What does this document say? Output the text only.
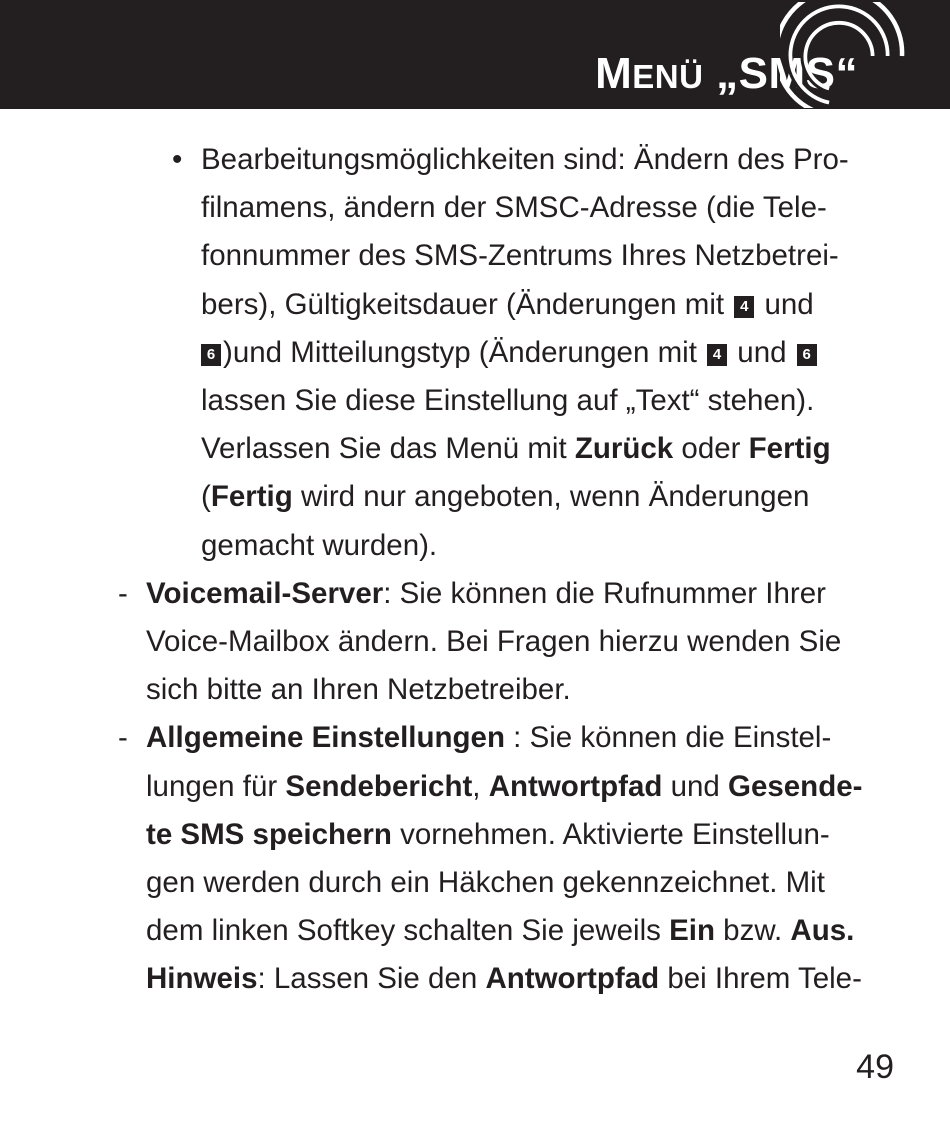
MENÜ „SMS“
• Bearbeitungsmöglichkeiten sind: Ändern des Pro-
filnamens, ändern der SMSC-Adresse (die Tele-
fonnummer des SMS-Zentrums Ihres Netzbetrei-
bers), Gültigkeitsdauer (Änderungen mit 4 und
6 )und Mitteilungstyp (Änderungen mit 4 und 6
lassen Sie diese Einstellung auf „Text“ stehen).
Verlassen Sie das Menü mit Zurück oder Fertig
(Fertig wird nur angeboten, wenn Änderungen
gemacht wurden).
- Voicemail-Server: Sie können die Rufnummer Ihrer
Voice-Mailbox ändern. Bei Fragen hierzu wenden Sie
sich bitte an Ihren Netzbetreiber.
- Allgemeine Einstellungen : Sie können die Einstel-
lungen für Sendebericht, Antwortpfad und Gesende-
te SMS speichern vornehmen. Aktivierte Einstellun-
gen werden durch ein Häkchen gekennzeichnet. Mit
dem linken Softkey schalten Sie jeweils Ein bzw. Aus.
Hinweis: Lassen Sie den Antwortpfad bei Ihrem Tele-
49
